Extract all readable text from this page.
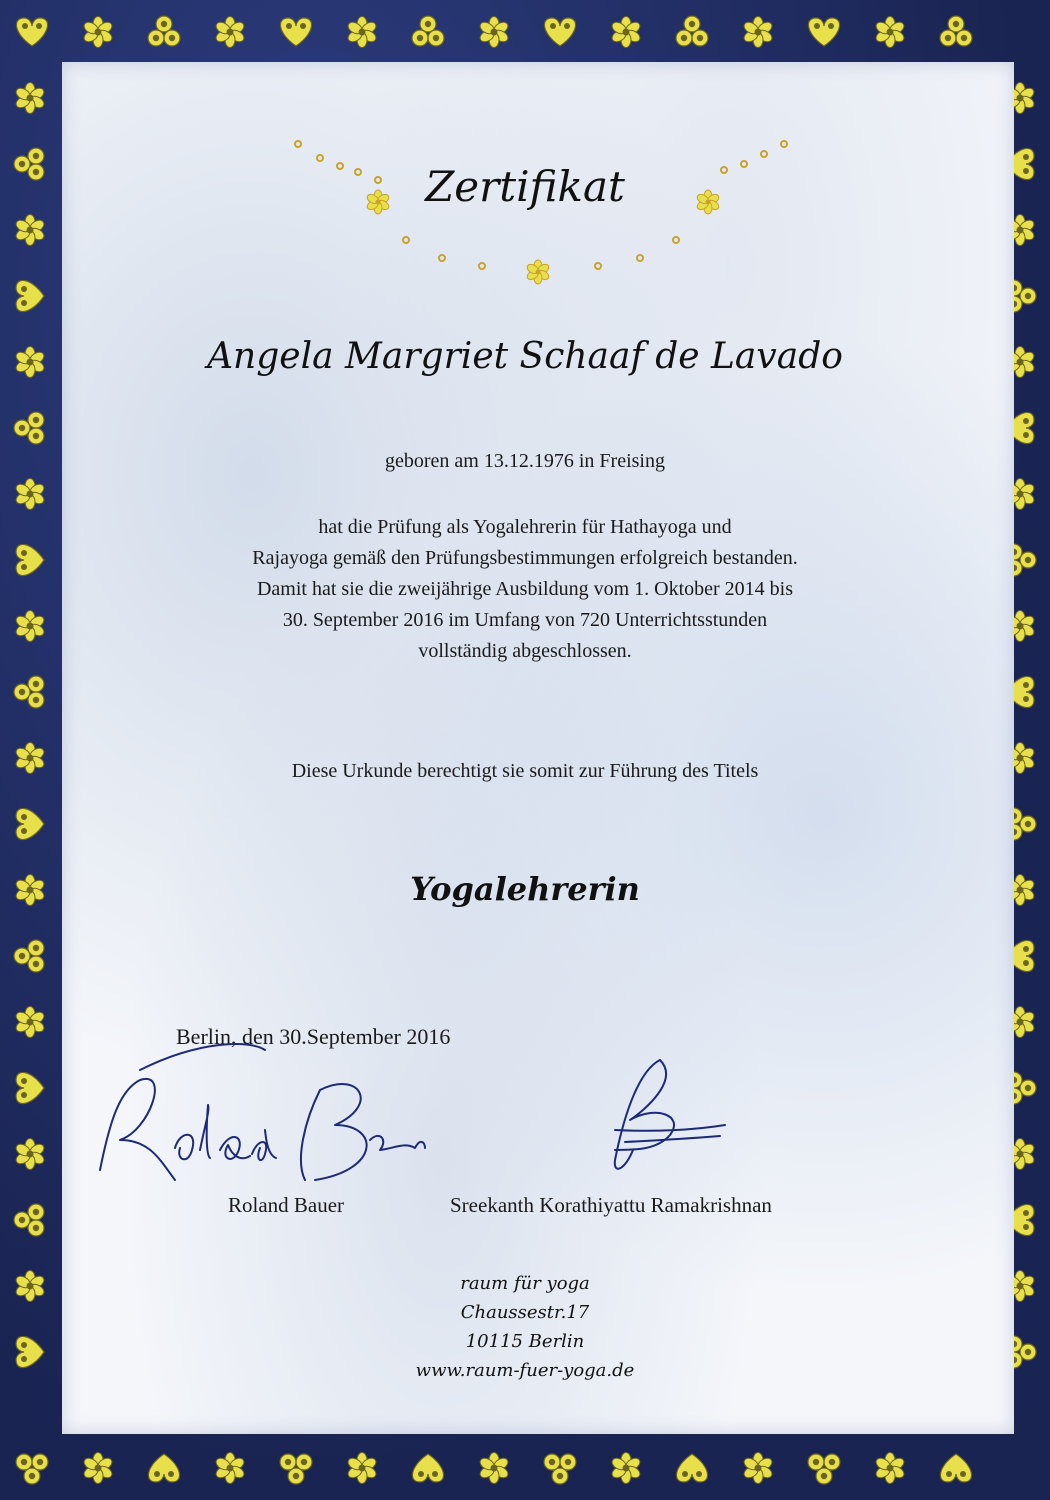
Zertifikat
Angela Margriet Schaaf de Lavado
geboren am 13.12.1976 in Freising
hat die Prüfung als Yogalehrerin für Hathayoga und
Rajayoga gemäß den Prüfungsbestimmungen erfolgreich bestanden.
Damit hat sie die zweijährige Ausbildung vom 1. Oktober 2014 bis
30. September 2016 im Umfang von 720 Unterrichtsstunden
vollständig abgeschlossen.
Diese Urkunde berechtigt sie somit zur Führung des Titels
Yogalehrerin
Berlin, den 30.September 2016
Roland Bauer	Sreekanth Korathiyattu Ramakrishnan
raum für yoga
Chaussestr.17
10115 Berlin
www.raum-fuer-yoga.de
